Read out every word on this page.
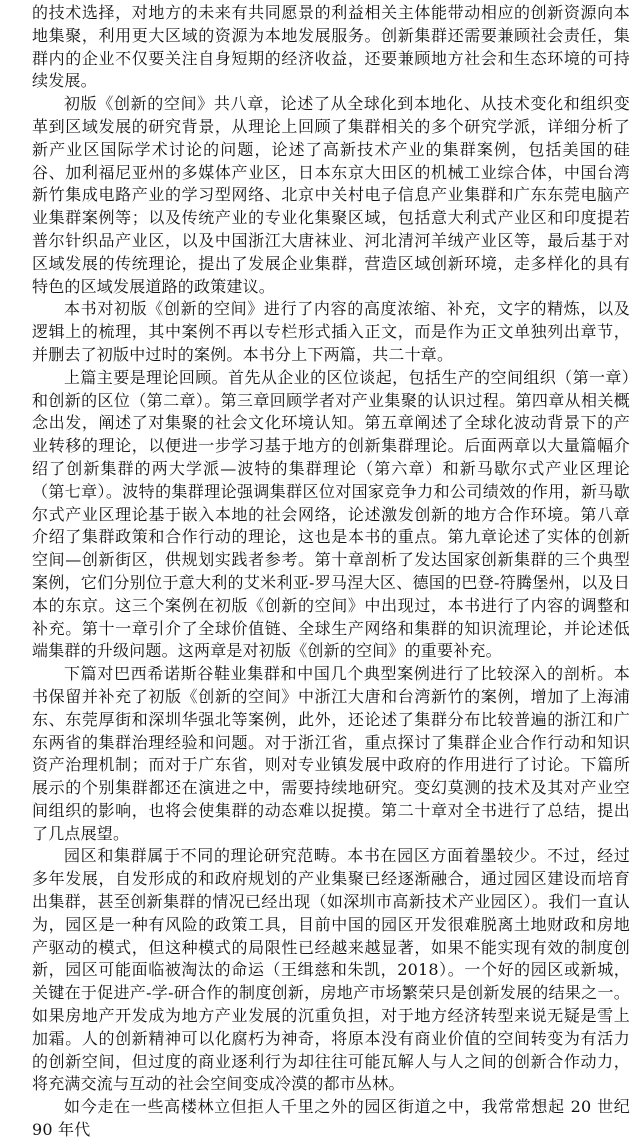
的技术选择，对地方的未来有共同愿景的利益相关主体能带动相应的创新资源向本地集聚，利用更大区域的资源为本地发展服务。创新集群还需要兼顾社会责任，集群内的企业不仅要关注自身短期的经济收益，还要兼顾地方社会和生态环境的可持续发展。

初版《创新的空间》共八章，论述了从全球化到本地化、从技术变化和组织变革到区域发展的研究背景，从理论上回顾了集群相关的多个研究学派，详细分析了新产业区国际学术讨论的问题，论述了高新技术产业的集群案例，包括美国的硅谷、加利福尼亚州的多媒体产业区，日本东京大田区的机械工业综合体，中国台湾新竹集成电路产业的学习型网络、北京中关村电子信息产业集群和广东东莞电脑产业集群案例等；以及传统产业的专业化集聚区域，包括意大利式产业区和印度提若普尔针织品产业区，以及中国浙江大唐袜业、河北清河羊绒产业区等，最后基于对区域发展的传统理论，提出了发展企业集群，营造区域创新环境，走多样化的具有特色的区域发展道路的政策建议。

本书对初版《创新的空间》进行了内容的高度浓缩、补充，文字的精炼，以及逻辑上的梳理，其中案例不再以专栏形式插入正文，而是作为正文单独列出章节，并删去了初版中过时的案例。本书分上下两篇，共二十章。

上篇主要是理论回顾。首先从企业的区位谈起，包括生产的空间组织（第一章）和创新的区位（第二章）。第三章回顾学者对产业集聚的认识过程。第四章从相关概念出发，阐述了对集聚的社会文化环境认知。第五章阐述了全球化波动背景下的产业转移的理论，以便进一步学习基于地方的创新集群理论。后面两章以大量篇幅介绍了创新集群的两大学派—波特的集群理论（第六章）和新马歇尔式产业区理论（第七章）。波特的集群理论强调集群区位对国家竞争力和公司绩效的作用，新马歇尔式产业区理论基于嵌入本地的社会网络，论述激发创新的地方合作环境。第八章介绍了集群政策和合作行动的理论，这也是本书的重点。第九章论述了实体的创新空间—创新街区，供规划实践者参考。第十章剖析了发达国家创新集群的三个典型案例，它们分别位于意大利的艾米利亚-罗马涅大区、德国的巴登-符腾堡州，以及日本的东京。这三个案例在初版《创新的空间》中出现过，本书进行了内容的调整和补充。第十一章引介了全球价值链、全球生产网络和集群的知识流理论，并论述低端集群的升级问题。这两章是对初版《创新的空间》的重要补充。

下篇对巴西希诺斯谷鞋业集群和中国几个典型案例进行了比较深入的剖析。本书保留并补充了初版《创新的空间》中浙江大唐和台湾新竹的案例，增加了上海浦东、东莞厚街和深圳华强北等案例，此外，还论述了集群分布比较普遍的浙江和广东两省的集群治理经验和问题。对于浙江省，重点探讨了集群企业合作行动和知识资产治理机制；而对于广东省，则对专业镇发展中政府的作用进行了讨论。下篇所展示的个别集群都还在演进之中，需要持续地研究。变幻莫测的技术及其对产业空间组织的影响，也将会使集群的动态难以捉摸。第二十章对全书进行了总结，提出了几点展望。

园区和集群属于不同的理论研究范畴。本书在园区方面着墨较少。不过，经过多年发展，自发形成的和政府规划的产业集聚已经逐渐融合，通过园区建设而培育出集群，甚至创新集群的情况已经出现（如深圳市高新技术产业园区）。我们一直认为，园区是一种有风险的政策工具，目前中国的园区开发很难脱离土地财政和房地产驱动的模式，但这种模式的局限性已经越来越显著，如果不能实现有效的制度创新，园区可能面临被淘汰的命运（王缉慈和朱凯，2018）。一个好的园区或新城，关键在于促进产-学-研合作的制度创新，房地产市场繁荣只是创新发展的结果之一。如果房地产开发成为地方产业发展的沉重负担，对于地方经济转型来说无疑是雪上加霜。人的创新精神可以化腐朽为神奇，将原本没有商业价值的空间转变为有活力的创新空间，但过度的商业逐利行为却往往可能瓦解人与人之间的创新合作动力，将充满交流与互动的社会空间变成冷漠的都市丛林。

如今走在一些高楼林立但拒人千里之外的园区街道之中，我常常想起 20 世纪 90 年代
